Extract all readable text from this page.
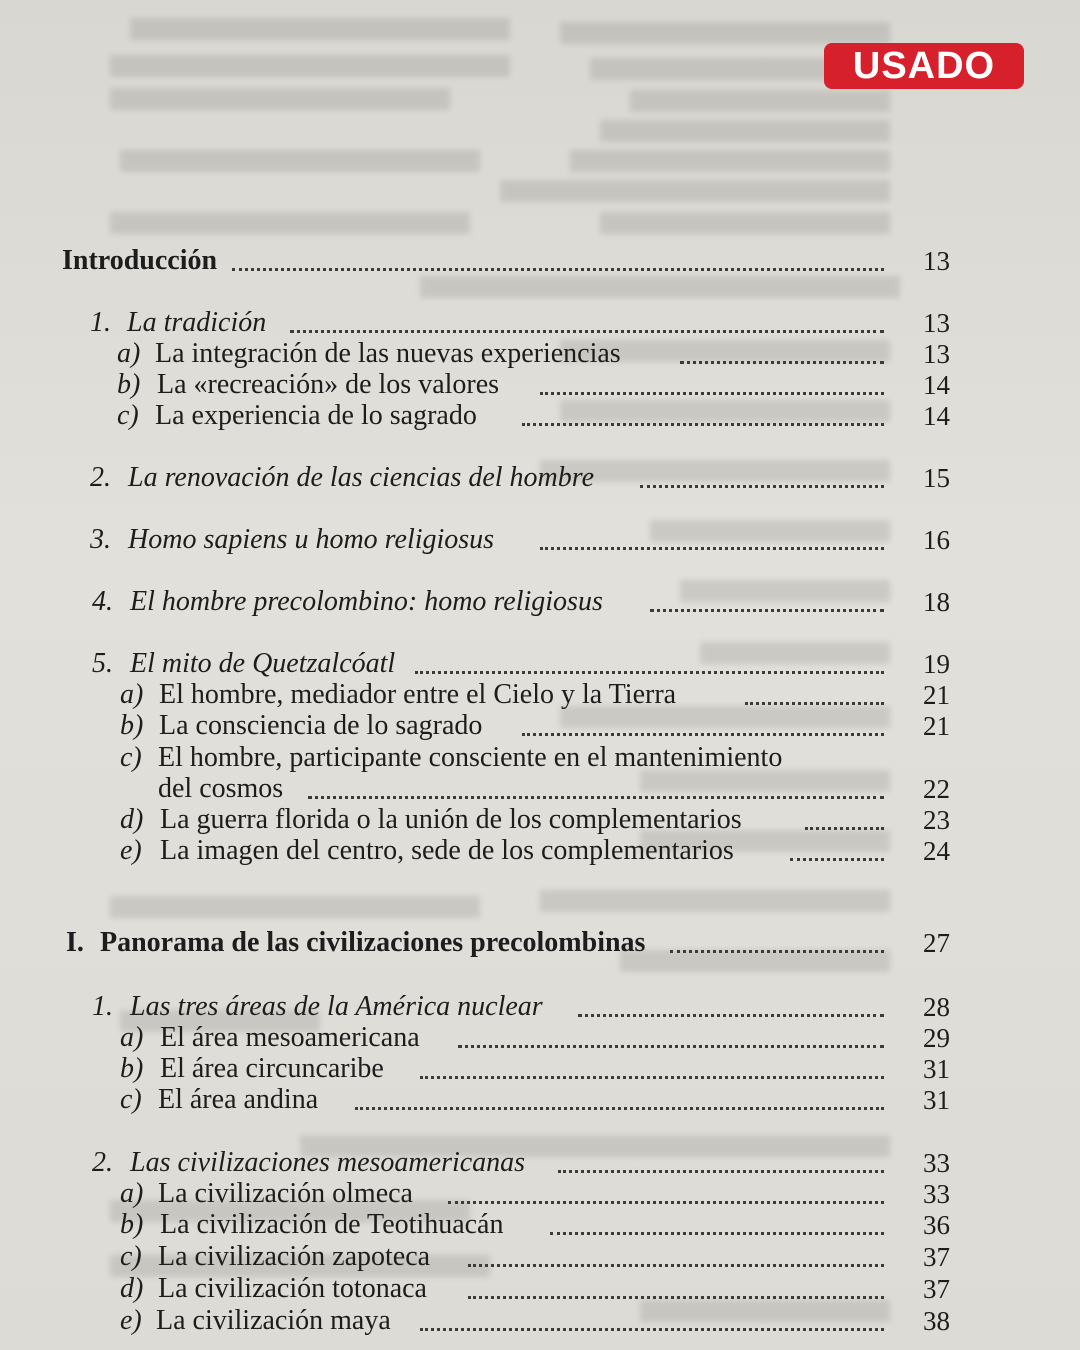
USADO
Introducción	13
1. La tradición	13
a) La integración de las nuevas experiencias	13
b) La «recreación» de los valores	14
c) La experiencia de lo sagrado	14
2. La renovación de las ciencias del hombre	15
3. Homo sapiens u homo religiosus	16
4. El hombre precolombino: homo religiosus	18
5. El mito de Quetzalcóatl	19
a) El hombre, mediador entre el Cielo y la Tierra	21
b) La consciencia de lo sagrado	21
c) El hombre, participante consciente en el mantenimiento
del cosmos	22
d) La guerra florida o la unión de los complementarios	23
e) La imagen del centro, sede de los complementarios	24
I. Panorama de las civilizaciones precolombinas	27
1. Las tres áreas de la América nuclear	28
a) El área mesoamericana	29
b) El área circuncaribe	31
c) El área andina	31
2. Las civilizaciones mesoamericanas	33
a) La civilización olmeca	33
b) La civilización de Teotihuacán	36
c) La civilización zapoteca	37
d) La civilización totonaca	37
e) La civilización maya	38
